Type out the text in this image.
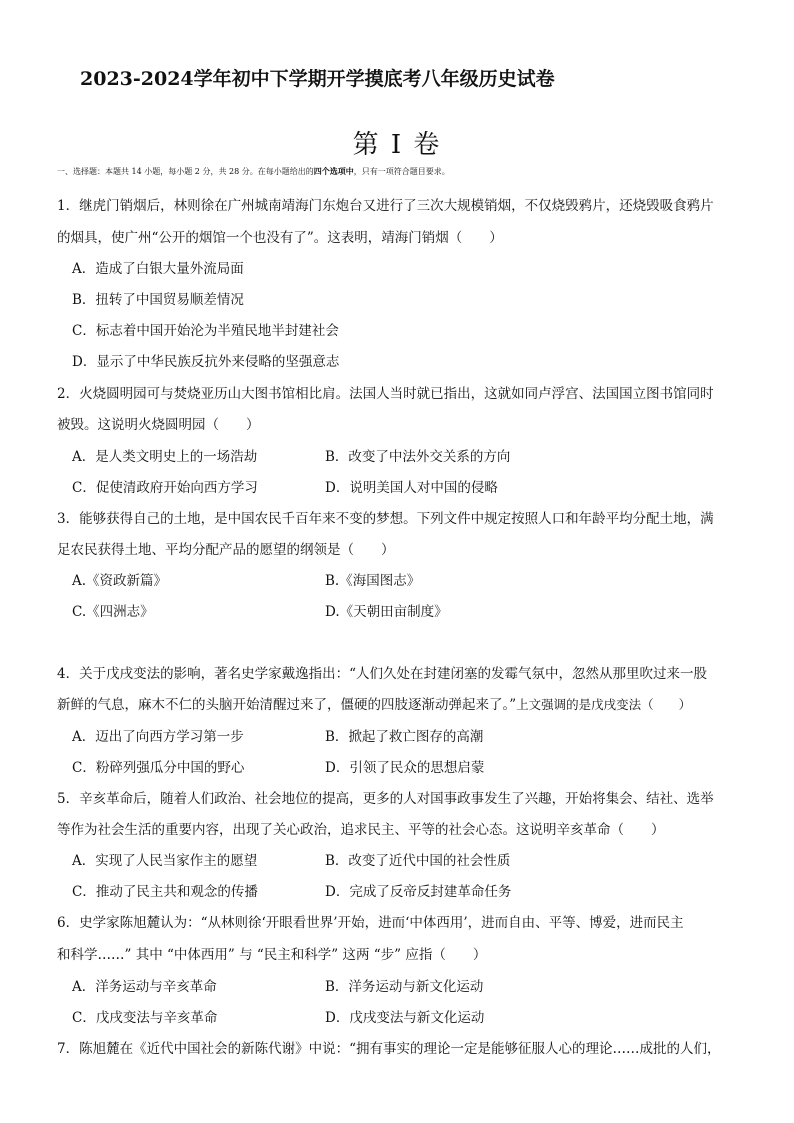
2023-2024学年初中下学期开学摸底考八年级历史试卷
第 I 卷
一、选择题：本题共 14 小题，每小题 2 分，共 28 分。在每小题给出的四个选项中，只有一项符合题目要求。
1．继虎门销烟后，林则徐在广州城南靖海门东炮台又进行了三次大规模销烟，不仅烧毁鸦片，还烧毁吸食鸦片
的烟具，使广州“公开的烟馆一个也没有了”。这表明，靖海门销烟（　　）
A．造成了白银大量外流局面
B．扭转了中国贸易顺差情况
C．标志着中国开始沦为半殖民地半封建社会
D．显示了中华民族反抗外来侵略的坚强意志
2．火烧圆明园可与焚烧亚历山大图书馆相比肩。法国人当时就已指出，这就如同卢浮宫、法国国立图书馆同时
被毁。这说明火烧圆明园（　　）
A．是人类文明史上的一场浩劫	B．改变了中法外交关系的方向
C．促使清政府开始向西方学习	D．说明美国人对中国的侵略
3．能够获得自己的土地，是中国农民千百年来不变的梦想。下列文件中规定按照人口和年龄平均分配土地，满
足农民获得土地、平均分配产品的愿望的纲领是（　　）
A.《资政新篇》	B.《海国图志》
C.《四洲志》	D.《天朝田亩制度》
4．关于戊戌变法的影响，著名史学家戴逸指出：“人们久处在封建闭塞的发霉气氛中，忽然从那里吹过来一股
新鲜的气息，麻木不仁的头脑开始清醒过来了，僵硬的四肢逐渐动弹起来了。”上文强调的是戊戌变法（　　）
A．迈出了向西方学习第一步	B．掀起了救亡图存的高潮
C．粉碎列强瓜分中国的野心	D．引领了民众的思想启蒙
5．辛亥革命后，随着人们政治、社会地位的提高，更多的人对国事政事发生了兴趣，开始将集会、结社、选举
等作为社会生活的重要内容，出现了关心政治，追求民主、平等的社会心态。这说明辛亥革命（　　）
A．实现了人民当家作主的愿望	B．改变了近代中国的社会性质
C．推动了民主共和观念的传播	D．完成了反帝反封建革命任务
6．史学家陈旭麓认为：“从林则徐‘开眼看世界’开始，进而‘中体西用’，进而自由、平等、博爱，进而民主
和科学……” 其中 “中体西用” 与 “民主和科学” 这两 “步” 应指（　　）
A．洋务运动与辛亥革命	B．洋务运动与新文化运动
C．戊戌变法与辛亥革命	D．戊戌变法与新文化运动
7．陈旭麓在《近代中国社会的新陈代谢》中说：“拥有事实的理论一定是能够征服人心的理论……成批的人们，
